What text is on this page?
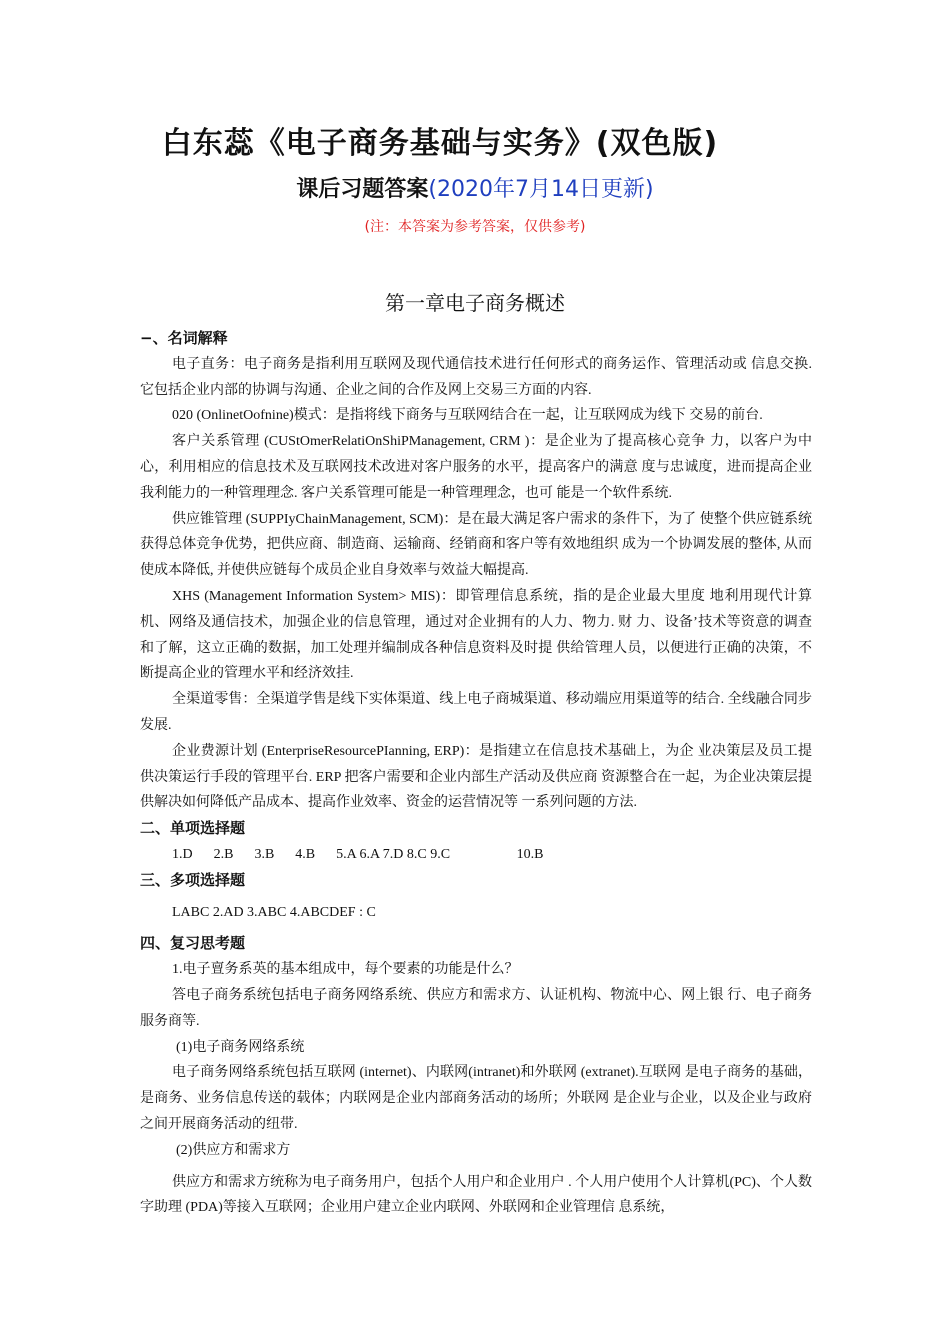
白东蕊《电子商务基础与实务》(双色版)
课后习题答案(2020年7月14日更新)
(注：本答案为参考答案，仅供参考)
第一章电子商务概述
−、名词解释

电子直务：电子商务是指利用互联网及现代通信技术进行任何形式的商务运作、管理活动或 信息交换. 它包括企业内部的协调与沟通、企业之间的合作及网上交易三方面的内容.

020 (OnlinetOofnine)模式：是指将线下商务与互联网结合在一起，让互联网成为线下 交易的前台.

客户关系管理 (CUStOmerRelatiOnShiPManagement, CRM )：是企业为了提高核心竞争 力，以客户为中心，利用相应的信息技术及互联网技术改进对客户服务的水平，提高客户的满意 度与忠诚度，进而提高企业我利能力的一种管理理念. 客户关系管理可能是一种管理理念，也可 能是一个软件系统.

供应锥管理 (SUPPIyChainManagement, SCM)：是在最大满足客户需求的条件下，为了 使整个供应链系统获得总体竞争优势，把供应商、制造商、运输商、经销商和客户等有效地组织 成为一个协调发展的整体, 从而使成本降低, 并使供应链每个成员企业自身效率与效益大幅提高.

XHS (Management Information System> MIS)：即管理信息系统，指的是企业最大里度 地利用现代计算机、网络及通信技术，加强企业的信息管理，通过对企业拥有的人力、物力. 财 力、设备’技术等资意的调查和了解，这立正确的数据，加工处理并编制成各种信息资料及时提 供给管理人员，以便进行正确的决策，不断提高企业的管理水平和经济效挂.

全渠道零售：全渠道学售是线下实体渠道、线上电子商城渠道、移动端应用渠道等的结合. 全线融合同步发展.

企业费源计划 (EnterpriseResourcePIanning, ERP)：是指建立在信息技术基础上，为企 业决策层及员工提供决策运行手段的管理平台. ERP 把客户需要和企业内部生产活动及供应商 资源整合在一起，为企业决策层提供解决如何降低产品成本、提高作业效率、资金的运营情况等 一系列问题的方法.

二、单项选择题

1.D      2.B      3.B      4.B      5.A 6.A 7.D 8.C 9.C                   10.B

三、多项选择题

LABC 2.AD 3.ABC 4.ABCDEF : C

四、复习思考题

1.电子亶务系英的基本组成中，每个要素的功能是什么？

答电子商务系统包括电子商务网络系统、供应方和需求方、认证机构、物流中心、网上银 行、电子商务服务商等.

(1)电子商务网络系统

电子商务网络系统包括互联网 (internet)、内联网(intranet)和外联网 (extranet).互联网 是电子商务的基础，是商务、业务信息传送的载体；内联网是企业内部商务活动的场所；外联网 是企业与企业，以及企业与政府之间开展商务活动的纽带.

(2)供应方和需求方

供应方和需求方统称为电子商务用户，包括个人用户和企业用户 . 个人用户使用个人计算机(PC)、个人数字助理 (PDA)等接入互联网；企业用户建立企业内联网、外联网和企业管理信 息系统，
